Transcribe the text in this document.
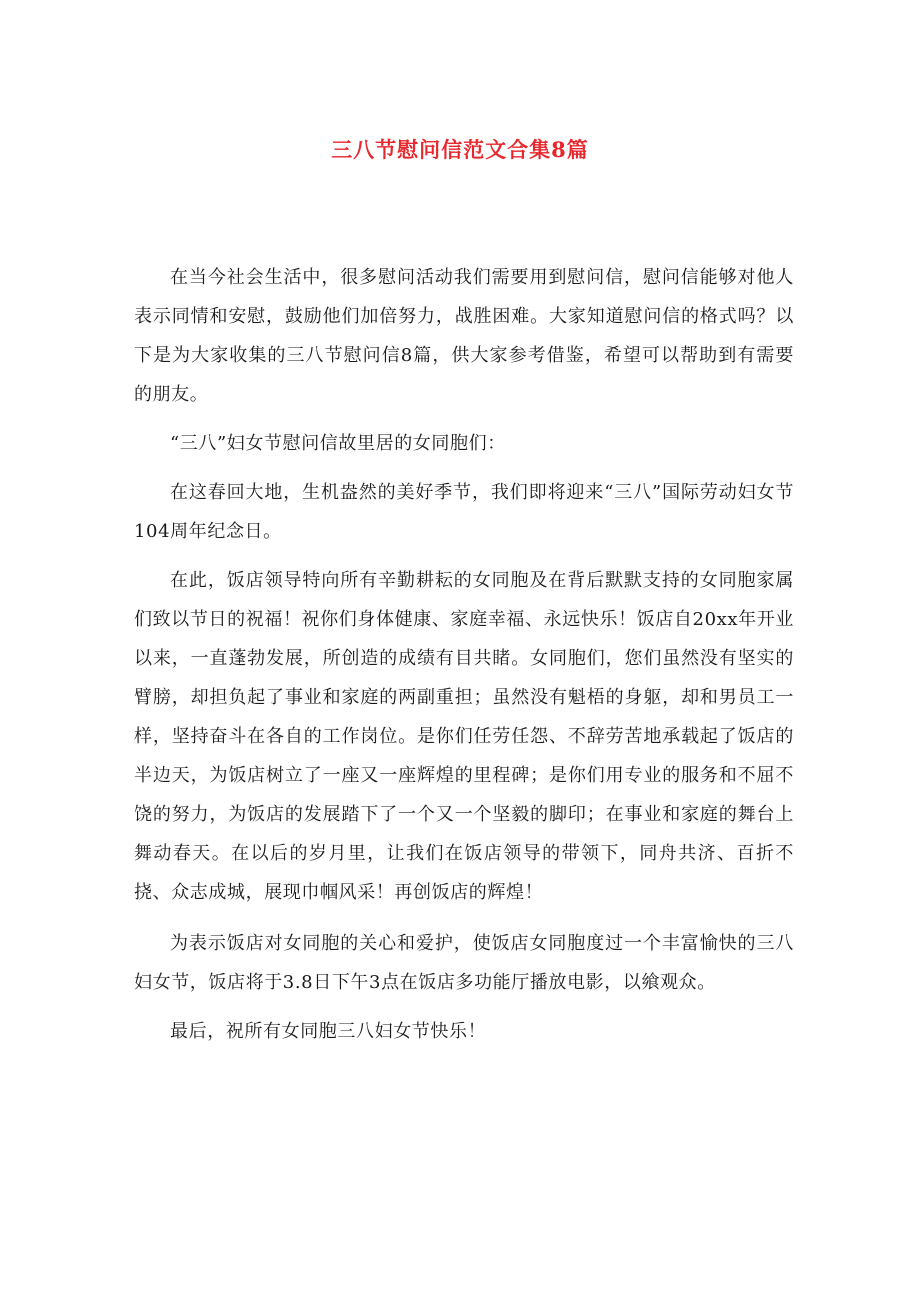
三八节慰问信范文合集8篇

在当今社会生活中，很多慰问活动我们需要用到慰问信，慰问信能够对他人表示同情和安慰，鼓励他们加倍努力，战胜困难。大家知道慰问信的格式吗？以下是为大家收集的三八节慰问信8篇，供大家参考借鉴，希望可以帮助到有需要的朋友。

“三八”妇女节慰问信故里居的女同胞们：

在这春回大地，生机盎然的美好季节，我们即将迎来“三八”国际劳动妇女节104周年纪念日。

在此，饭店领导特向所有辛勤耕耘的女同胞及在背后默默支持的女同胞家属们致以节日的祝福！祝你们身体健康、家庭幸福、永远快乐！饭店自20xx年开业以来，一直蓬勃发展，所创造的成绩有目共睹。女同胞们，您们虽然没有坚实的臂膀，却担负起了事业和家庭的两副重担；虽然没有魁梧的身躯，却和男员工一样，坚持奋斗在各自的工作岗位。是你们任劳任怨、不辞劳苦地承载起了饭店的半边天，为饭店树立了一座又一座辉煌的里程碑；是你们用专业的服务和不屈不饶的努力，为饭店的发展踏下了一个又一个坚毅的脚印；在事业和家庭的舞台上舞动春天。在以后的岁月里，让我们在饭店领导的带领下，同舟共济、百折不挠、众志成城，展现巾帼风采！再创饭店的辉煌！

为表示饭店对女同胞的关心和爱护，使饭店女同胞度过一个丰富愉快的三八妇女节，饭店将于3.8日下午3点在饭店多功能厅播放电影，以飨观众。

最后，祝所有女同胞三八妇女节快乐！
